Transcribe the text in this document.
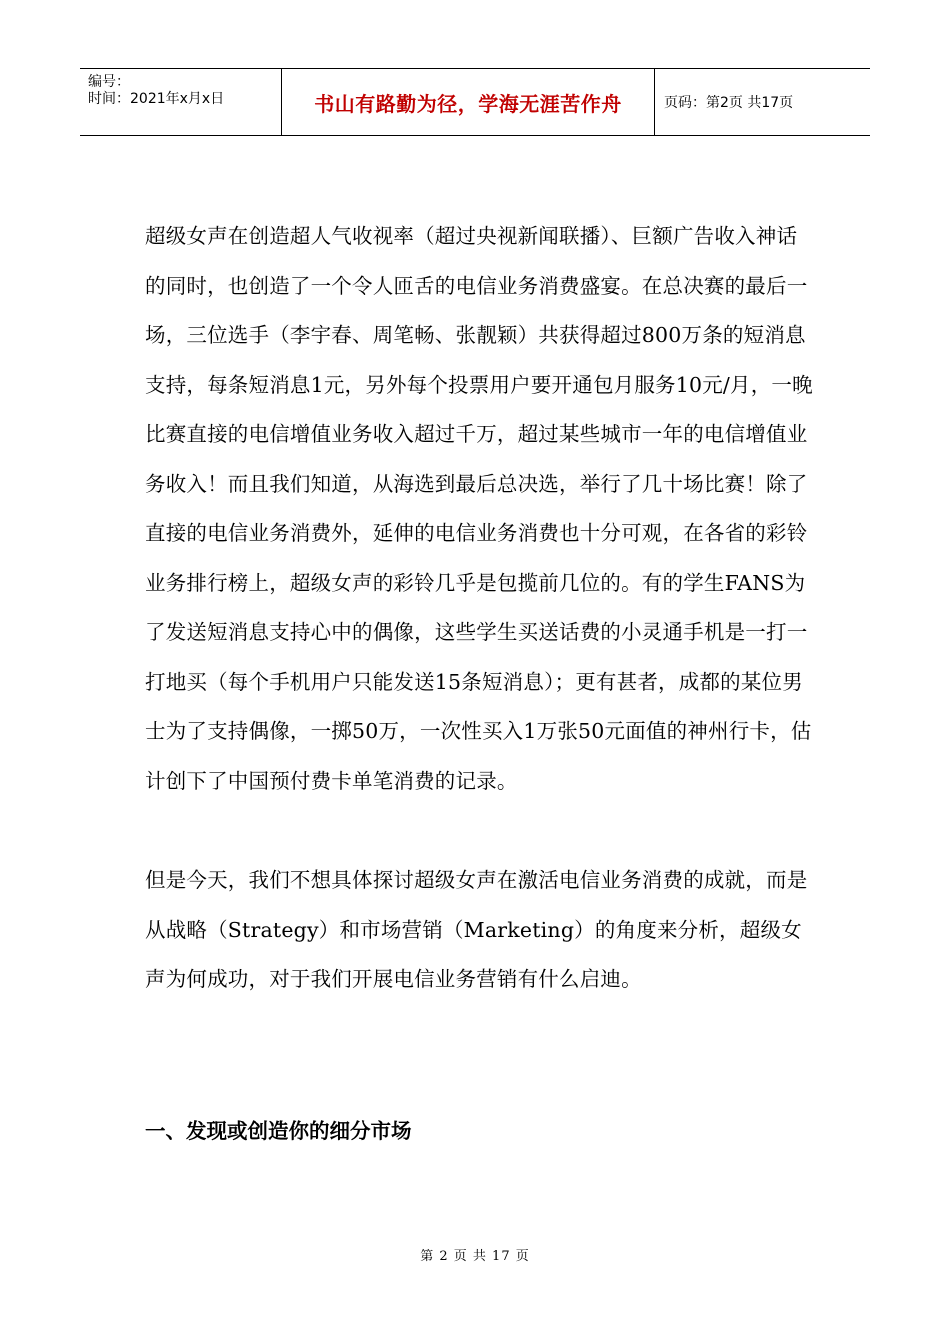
编号：
时间：2021年x月x日	书山有路勤为径，学海无涯苦作舟	页码：第2页 共17页

超级女声在创造超人气收视率（超过央视新闻联播）、巨额广告收入神话的同时，也创造了一个令人匝舌的电信业务消费盛宴。在总决赛的最后一场，三位选手（李宇春、周笔畅、张靓颖）共获得超过800万条的短消息支持，每条短消息1元，另外每个投票用户要开通包月服务10元/月，一晚比赛直接的电信增值业务收入超过千万，超过某些城市一年的电信增值业务收入！而且我们知道，从海选到最后总决选，举行了几十场比赛！除了直接的电信业务消费外，延伸的电信业务消费也十分可观，在各省的彩铃业务排行榜上，超级女声的彩铃几乎是包揽前几位的。有的学生FANS为了发送短消息支持心中的偶像，这些学生买送话费的小灵通手机是一打一打地买（每个手机用户只能发送15条短消息）；更有甚者，成都的某位男士为了支持偶像，一掷50万，一次性买入1万张50元面值的神州行卡，估计创下了中国预付费卡单笔消费的记录。

但是今天，我们不想具体探讨超级女声在激活电信业务消费的成就，而是从战略（Strategy）和市场营销（Marketing）的角度来分析，超级女声为何成功，对于我们开展电信业务营销有什么启迪。

一、发现或创造你的细分市场
第 2 页 共 17 页
